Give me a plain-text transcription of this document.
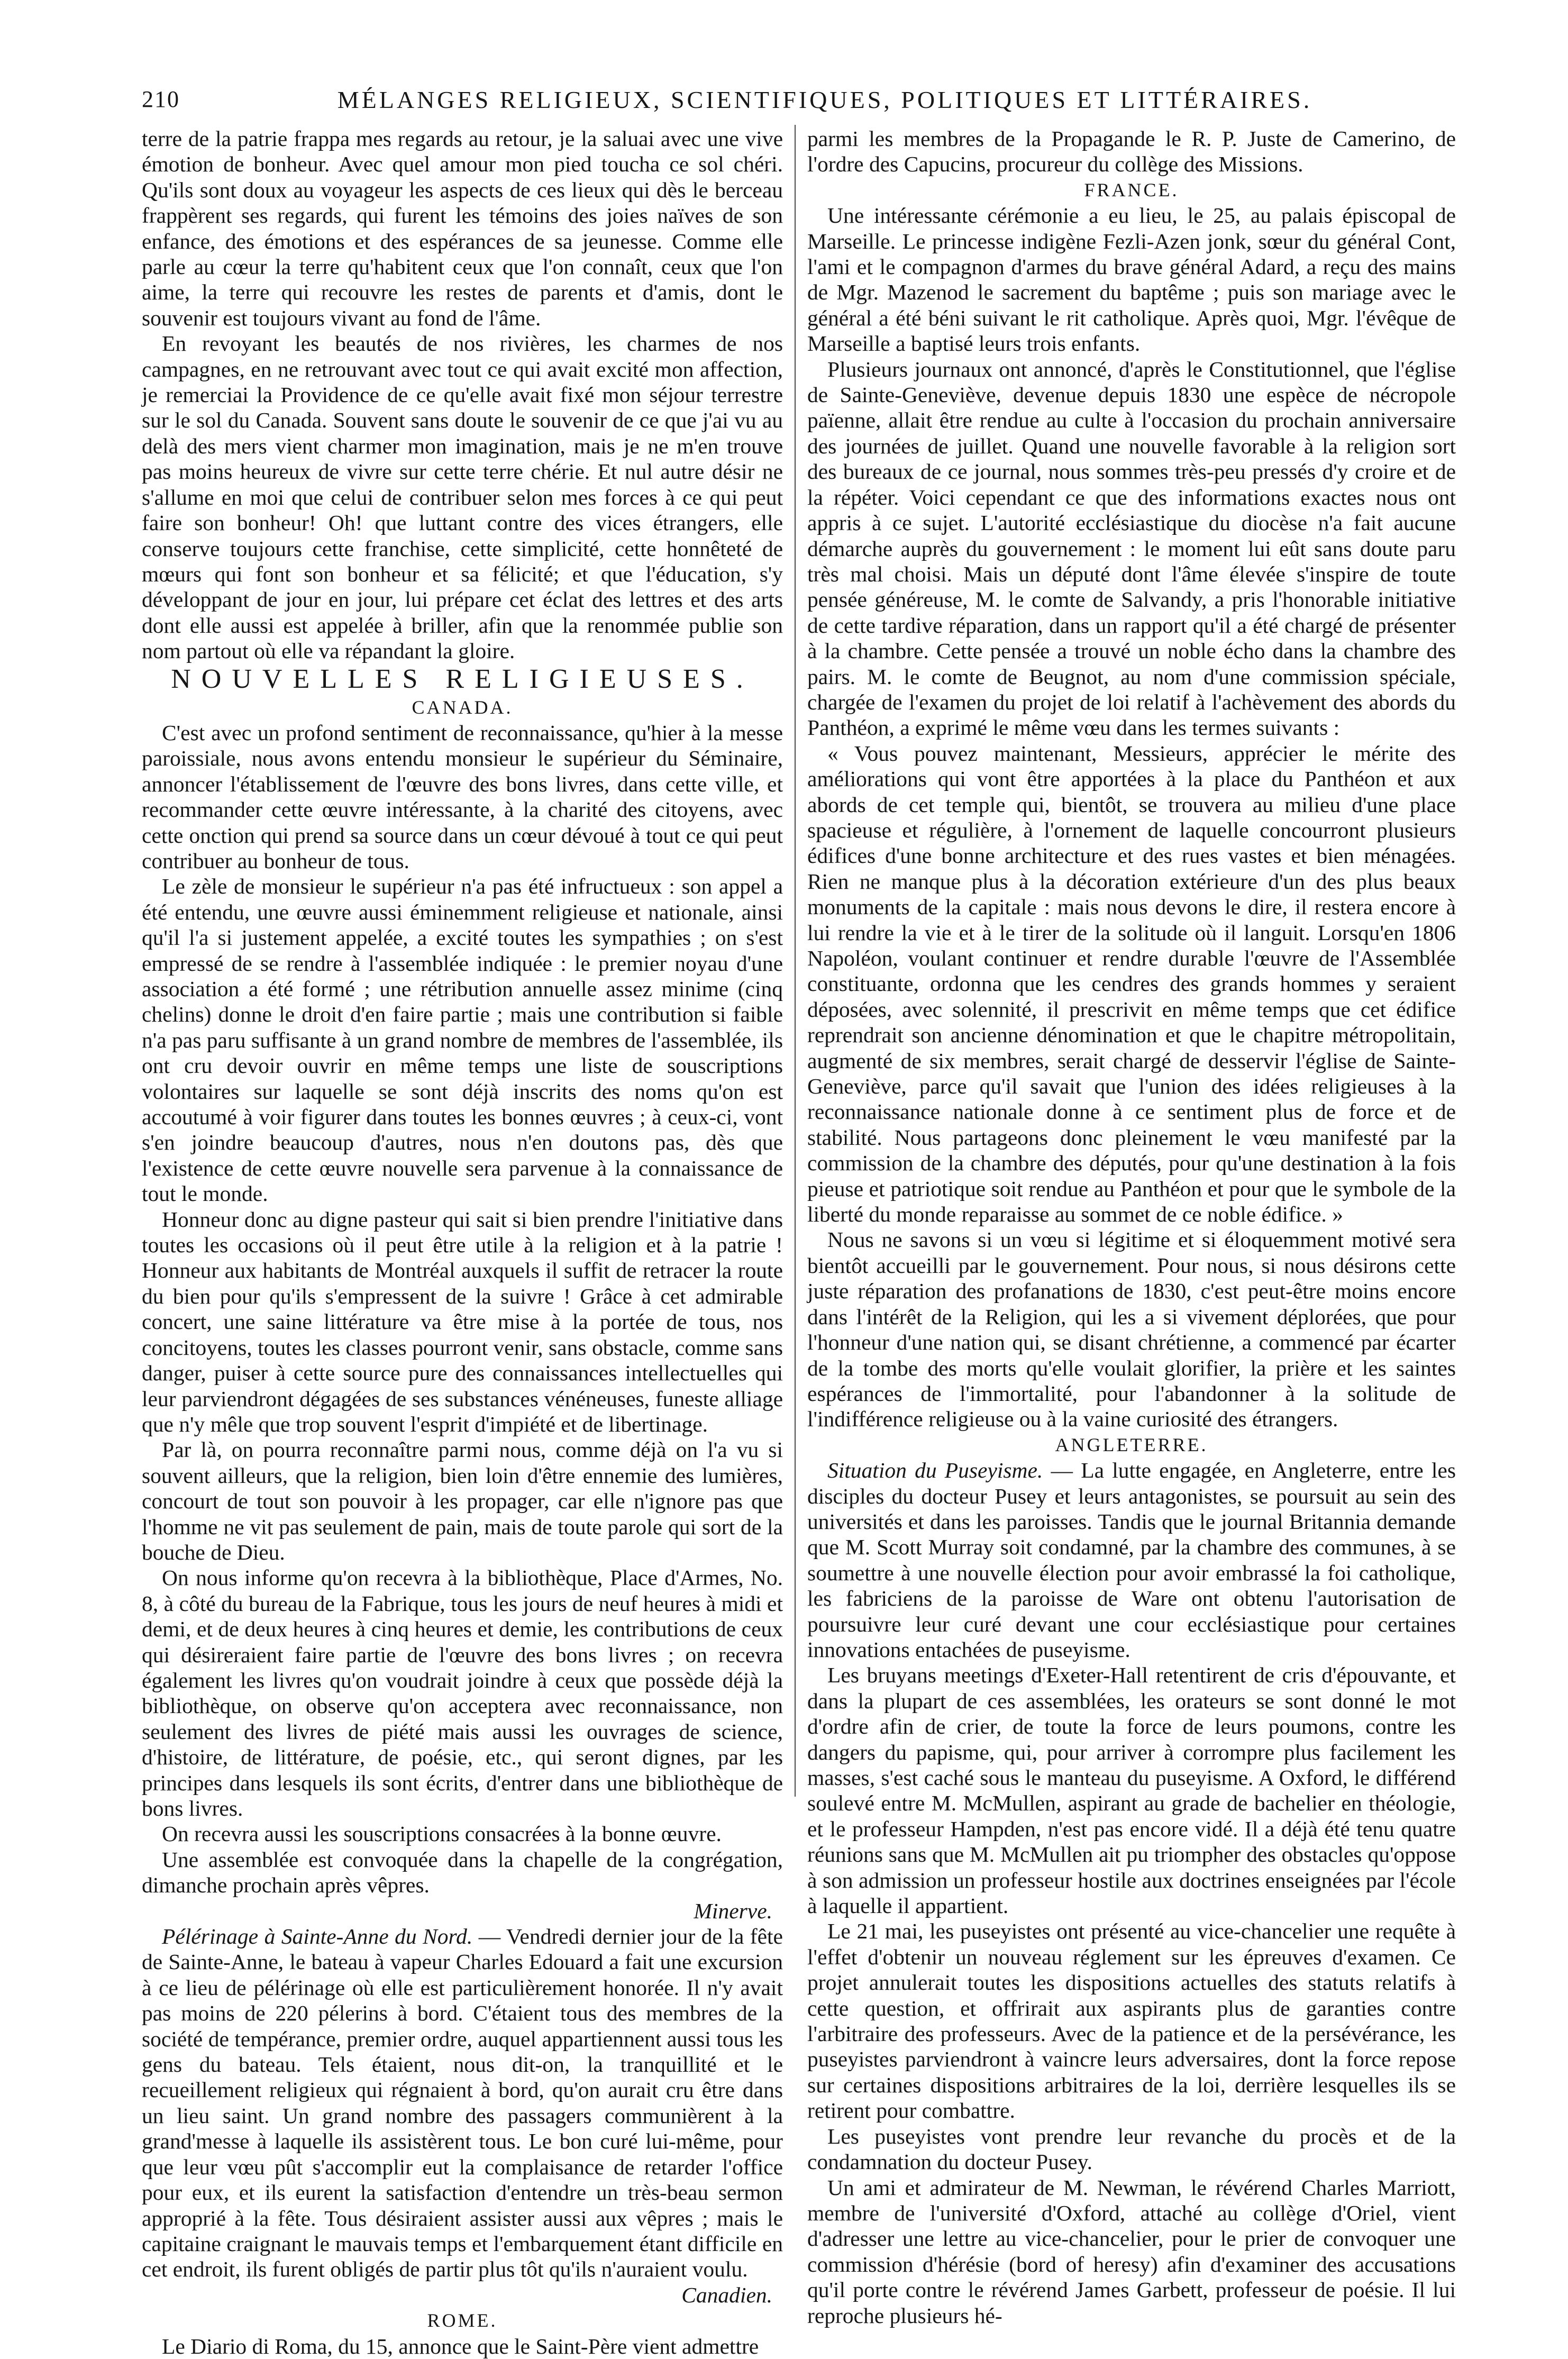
210	MÉLANGES RELIGIEUX, SCIENTIFIQUES, POLITIQUES ET LITTÉRAIRES.

terre de la patrie frappa mes regards au retour, je la saluai avec une vive émotion de bonheur. Avec quel amour mon pied toucha ce sol chéri. Qu'ils sont doux au voyageur les aspects de ces lieux qui dès le berceau frappèrent ses regards, qui furent les témoins des joies naïves de son enfance, des émotions et des espérances de sa jeunesse. Comme elle parle au cœur la terre qu'habitent ceux que l'on connaît, ceux que l'on aime, la terre qui recouvre les restes de parents et d'amis, dont le souvenir est toujours vivant au fond de l'âme.

En revoyant les beautés de nos rivières, les charmes de nos campagnes, en ne retrouvant avec tout ce qui avait excité mon affection, je remerciai la Providence de ce qu'elle avait fixé mon séjour terrestre sur le sol du Canada. Souvent sans doute le souvenir de ce que j'ai vu au delà des mers vient charmer mon imagination, mais je ne m'en trouve pas moins heureux de vivre sur cette terre chérie. Et nul autre désir ne s'allume en moi que celui de contribuer selon mes forces à ce qui peut faire son bonheur! Oh! que luttant contre des vices étrangers, elle conserve toujours cette franchise, cette simplicité, cette honnêteté de mœurs qui font son bonheur et sa félicité; et que l'éducation, s'y développant de jour en jour, lui prépare cet éclat des lettres et des arts dont elle aussi est appelée à briller, afin que la renommée publie son nom partout où elle va répandant la gloire.

NOUVELLES RELIGIEUSES.
CANADA.

C'est avec un profond sentiment de reconnaissance, qu'hier à la messe paroissiale, nous avons entendu monsieur le supérieur du Séminaire, annoncer l'établissement de l'œuvre des bons livres, dans cette ville, et recommander cette œuvre intéressante, à la charité des citoyens, avec cette onction qui prend sa source dans un cœur dévoué à tout ce qui peut contribuer au bonheur de tous.

Le zèle de monsieur le supérieur n'a pas été infructueux : son appel a été entendu, une œuvre aussi éminemment religieuse et nationale, ainsi qu'il l'a si justement appelée, a excité toutes les sympathies ; on s'est empressé de se rendre à l'assemblée indiquée : le premier noyau d'une association a été formé ; une rétribution annuelle assez minime (cinq chelins) donne le droit d'en faire partie ; mais une contribution si faible n'a pas paru suffisante à un grand nombre de membres de l'assemblée, ils ont cru devoir ouvrir en même temps une liste de souscriptions volontaires sur laquelle se sont déjà inscrits des noms qu'on est accoutumé à voir figurer dans toutes les bonnes œuvres ; à ceux-ci, vont s'en joindre beaucoup d'autres, nous n'en doutons pas, dès que l'existence de cette œuvre nouvelle sera parvenue à la connaissance de tout le monde.

Honneur donc au digne pasteur qui sait si bien prendre l'initiative dans toutes les occasions où il peut être utile à la religion et à la patrie ! Honneur aux habitants de Montréal auxquels il suffit de retracer la route du bien pour qu'ils s'empressent de la suivre ! Grâce à cet admirable concert, une saine littérature va être mise à la portée de tous, nos concitoyens, toutes les classes pourront venir, sans obstacle, comme sans danger, puiser à cette source pure des connaissances intellectuelles qui leur parviendront dégagées de ses substances vénéneuses, funeste alliage que n'y mêle que trop souvent l'esprit d'impiété et de libertinage.

Par là, on pourra reconnaître parmi nous, comme déjà on l'a vu si souvent ailleurs, que la religion, bien loin d'être ennemie des lumières, concourt de tout son pouvoir à les propager, car elle n'ignore pas que l'homme ne vit pas seulement de pain, mais de toute parole qui sort de la bouche de Dieu.

On nous informe qu'on recevra à la bibliothèque, Place d'Armes, No. 8, à côté du bureau de la Fabrique, tous les jours de neuf heures à midi et demi, et de deux heures à cinq heures et demie, les contributions de ceux qui désireraient faire partie de l'œuvre des bons livres ; on recevra également les livres qu'on voudrait joindre à ceux que possède déjà la bibliothèque, on observe qu'on acceptera avec reconnaissance, non seulement des livres de piété mais aussi les ouvrages de science, d'histoire, de littérature, de poésie, etc., qui seront dignes, par les principes dans lesquels ils sont écrits, d'entrer dans une bibliothèque de bons livres.

On recevra aussi les souscriptions consacrées à la bonne œuvre.

Une assemblée est convoquée dans la chapelle de la congrégation, dimanche prochain après vêpres.

Minerve.

Pélérinage à Sainte-Anne du Nord. — Vendredi dernier jour de la fête de Sainte-Anne, le bateau à vapeur Charles Edouard a fait une excursion à ce lieu de pélérinage où elle est particulièrement honorée. Il n'y avait pas moins de 220 pélerins à bord. C'étaient tous des membres de la société de tempérance, premier ordre, auquel appartiennent aussi tous les gens du bateau. Tels étaient, nous dit-on, la tranquillité et le recueillement religieux qui régnaient à bord, qu'on aurait cru être dans un lieu saint. Un grand nombre des passagers communièrent à la grand'messe à laquelle ils assistèrent tous. Le bon curé lui-même, pour que leur vœu pût s'accomplir eut la complaisance de retarder l'office pour eux, et ils eurent la satisfaction d'entendre un très-beau sermon approprié à la fête. Tous désiraient assister aussi aux vêpres ; mais le capitaine craignant le mauvais temps et l'embarquement étant difficile en cet endroit, ils furent obligés de partir plus tôt qu'ils n'auraient voulu.

Canadien.
ROME.

Le Diario di Roma, du 15, annonce que le Saint-Père vient admettre

parmi les membres de la Propagande le R. P. Juste de Camerino, de l'ordre des Capucins, procureur du collège des Missions.

FRANCE.

Une intéressante cérémonie a eu lieu, le 25, au palais épiscopal de Marseille. Le princesse indigène Fezli-Azen jonk, sœur du général Cont, l'ami et le compagnon d'armes du brave général Adard, a reçu des mains de Mgr. Mazenod le sacrement du baptême ; puis son mariage avec le général a été béni suivant le rit catholique. Après quoi, Mgr. l'évêque de Marseille a baptisé leurs trois enfants.

Plusieurs journaux ont annoncé, d'après le Constitutionnel, que l'église de Sainte-Geneviève, devenue depuis 1830 une espèce de nécropole païenne, allait être rendue au culte à l'occasion du prochain anniversaire des journées de juillet. Quand une nouvelle favorable à la religion sort des bureaux de ce journal, nous sommes très-peu pressés d'y croire et de la répéter. Voici cependant ce que des informations exactes nous ont appris à ce sujet. L'autorité ecclésiastique du diocèse n'a fait aucune démarche auprès du gouvernement : le moment lui eût sans doute paru très mal choisi. Mais un député dont l'âme élevée s'inspire de toute pensée généreuse, M. le comte de Salvandy, a pris l'honorable initiative de cette tardive réparation, dans un rapport qu'il a été chargé de présenter à la chambre. Cette pensée a trouvé un noble écho dans la chambre des pairs. M. le comte de Beugnot, au nom d'une commission spéciale, chargée de l'examen du projet de loi relatif à l'achèvement des abords du Panthéon, a exprimé le même vœu dans les termes suivants :

« Vous pouvez maintenant, Messieurs, apprécier le mérite des améliorations qui vont être apportées à la place du Panthéon et aux abords de cet temple qui, bientôt, se trouvera au milieu d'une place spacieuse et régulière, à l'ornement de laquelle concourront plusieurs édifices d'une bonne architecture et des rues vastes et bien ménagées. Rien ne manque plus à la décoration extérieure d'un des plus beaux monuments de la capitale : mais nous devons le dire, il restera encore à lui rendre la vie et à le tirer de la solitude où il languit. Lorsqu'en 1806 Napoléon, voulant continuer et rendre durable l'œuvre de l'Assemblée constituante, ordonna que les cendres des grands hommes y seraient déposées, avec solennité, il prescrivit en même temps que cet édifice reprendrait son ancienne dénomination et que le chapitre métropolitain, augmenté de six membres, serait chargé de desservir l'église de Sainte-Geneviève, parce qu'il savait que l'union des idées religieuses à la reconnaissance nationale donne à ce sentiment plus de force et de stabilité. Nous partageons donc pleinement le vœu manifesté par la commission de la chambre des députés, pour qu'une destination à la fois pieuse et patriotique soit rendue au Panthéon et pour que le symbole de la liberté du monde reparaisse au sommet de ce noble édifice. »

Nous ne savons si un vœu si légitime et si éloquemment motivé sera bientôt accueilli par le gouvernement. Pour nous, si nous désirons cette juste réparation des profanations de 1830, c'est peut-être moins encore dans l'intérêt de la Religion, qui les a si vivement déplorées, que pour l'honneur d'une nation qui, se disant chrétienne, a commencé par écarter de la tombe des morts qu'elle voulait glorifier, la prière et les saintes espérances de l'immortalité, pour l'abandonner à la solitude de l'indifférence religieuse ou à la vaine curiosité des étrangers.

ANGLETERRE.

Situation du Puseyisme. — La lutte engagée, en Angleterre, entre les disciples du docteur Pusey et leurs antagonistes, se poursuit au sein des universités et dans les paroisses. Tandis que le journal Britannia demande que M. Scott Murray soit condamné, par la chambre des communes, à se soumettre à une nouvelle élection pour avoir embrassé la foi catholique, les fabriciens de la paroisse de Ware ont obtenu l'autorisation de poursuivre leur curé devant une cour ecclésiastique pour certaines innovations entachées de puseyisme.

Les bruyans meetings d'Exeter-Hall retentirent de cris d'épouvante, et dans la plupart de ces assemblées, les orateurs se sont donné le mot d'ordre afin de crier, de toute la force de leurs poumons, contre les dangers du papisme, qui, pour arriver à corrompre plus facilement les masses, s'est caché sous le manteau du puseyisme. A Oxford, le différend soulevé entre M. McMullen, aspirant au grade de bachelier en théologie, et le professeur Hampden, n'est pas encore vidé. Il a déjà été tenu quatre réunions sans que M. McMullen ait pu triompher des obstacles qu'oppose à son admission un professeur hostile aux doctrines enseignées par l'école à laquelle il appartient.

Le 21 mai, les puseyistes ont présenté au vice-chancelier une requête à l'effet d'obtenir un nouveau réglement sur les épreuves d'examen. Ce projet annulerait toutes les dispositions actuelles des statuts relatifs à cette question, et offrirait aux aspirants plus de garanties contre l'arbitraire des professeurs. Avec de la patience et de la persévérance, les puseyistes parviendront à vaincre leurs adversaires, dont la force repose sur certaines dispositions arbitraires de la loi, derrière lesquelles ils se retirent pour combattre.

Les puseyistes vont prendre leur revanche du procès et de la condamnation du docteur Pusey.

Un ami et admirateur de M. Newman, le révérend Charles Marriott, membre de l'université d'Oxford, attaché au collège d'Oriel, vient d'adresser une lettre au vice-chancelier, pour le prier de convoquer une commission d'hérésie (bord of heresy) afin d'examiner des accusations qu'il porte contre le révérend James Garbett, professeur de poésie. Il lui reproche plusieurs hé-
